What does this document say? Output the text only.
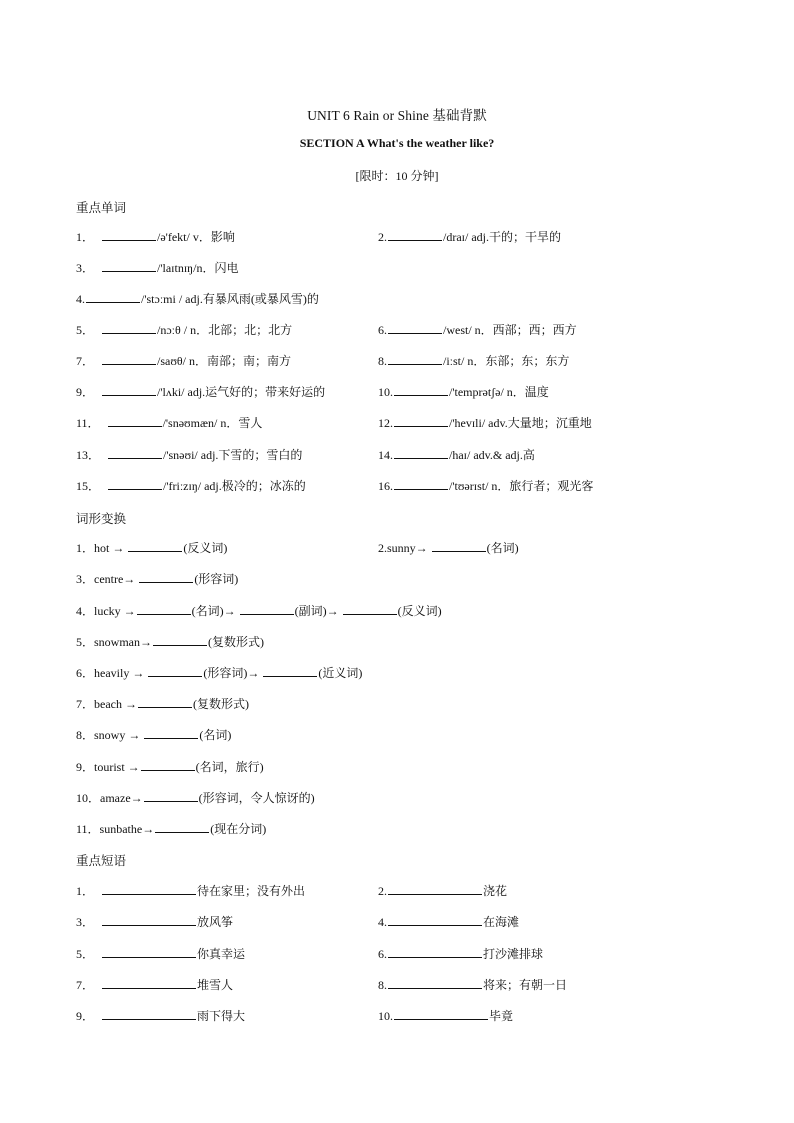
UNIT 6 Rain or Shine 基础背默
SECTION A What's the weather like?
[限时：10 分钟]
重点单词
1．	/ə'fekt/ v．影响	2.	/draɪ/ adj.干的；干旱的
3．	/'laɪtnɪŋ/n．闪电
4.	/'stɔːmi / adj.有暴风雨(或暴风雪)的
5．	/nɔːθ / n．北部；北；北方	6.	/west/ n．西部；西；西方
7．	/saʊθ/ n．南部；南；南方	8.	/iːst/ n．东部；东；东方
9．	/'lʌki/ adj.运气好的；带来好运的	10.	/'temprətʃə/ n．温度
11．	/'snəʊmæn/ n．雪人	12.	/'hevɪli/ adv.大量地；沉重地
13．	/'snəʊi/ adj.下雪的；雪白的	14.	/haɪ/ adv.& adj.高
15．	/'friːzɪŋ/ adj.极冷的；冰冻的	16.	/'tʊərɪst/ n．旅行者；观光客
词形变换
1．hot →	(反义词)	2.sunny→	(名词)
3．centre→	(形容词)
4．lucky →	(名词)→	(副词)→	(反义词)
5．snowman→	(复数形式)
6．heavily →	(形容词)→	(近义词)
7．beach →	(复数形式)
8．snowy →	(名词)
9．tourist →	(名词，旅行)
10．amaze→	(形容词，令人惊讶的)
11．sunbathe→	(现在分词)
重点短语
1．	待在家里；没有外出	2.	浇花
3．	放风筝	4.	在海滩
5．	你真幸运	6.	打沙滩排球
7．	堆雪人	8.	将来；有朝一日
9．	雨下得大	10.	毕竟
